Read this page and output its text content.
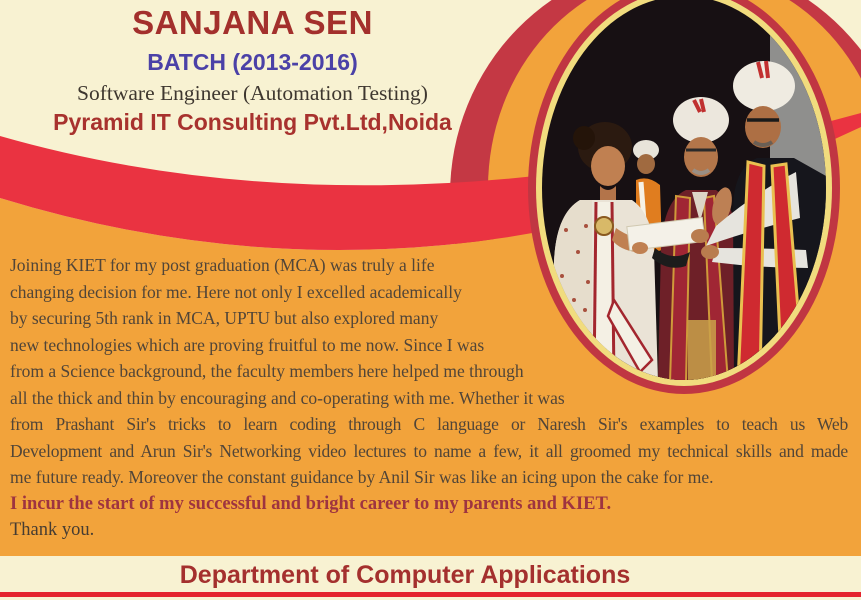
SANJANA SEN
BATCH (2013-2016)
Software Engineer (Automation Testing)
Pyramid IT Consulting Pvt.Ltd,Noida
Joining KIET for my post graduation (MCA) was truly a life
changing decision for me. Here not only I excelled academically
by securing 5th rank in MCA, UPTU but also explored many
new technologies which are proving fruitful to me now. Since I was
from a Science background, the faculty members here helped me through
all the thick and thin by encouraging and co-operating with me. Whether it was
from Prashant Sir's tricks to learn coding through C language or Naresh Sir's examples to teach us Web
Development and Arun Sir's Networking video lectures to name a few, it all groomed my technical skills and made
me future ready. Moreover the constant guidance by Anil Sir was like an icing upon the cake for me.
I incur the start of my successful and bright career to my parents and KIET.
Thank you.
Department of Computer Applications
